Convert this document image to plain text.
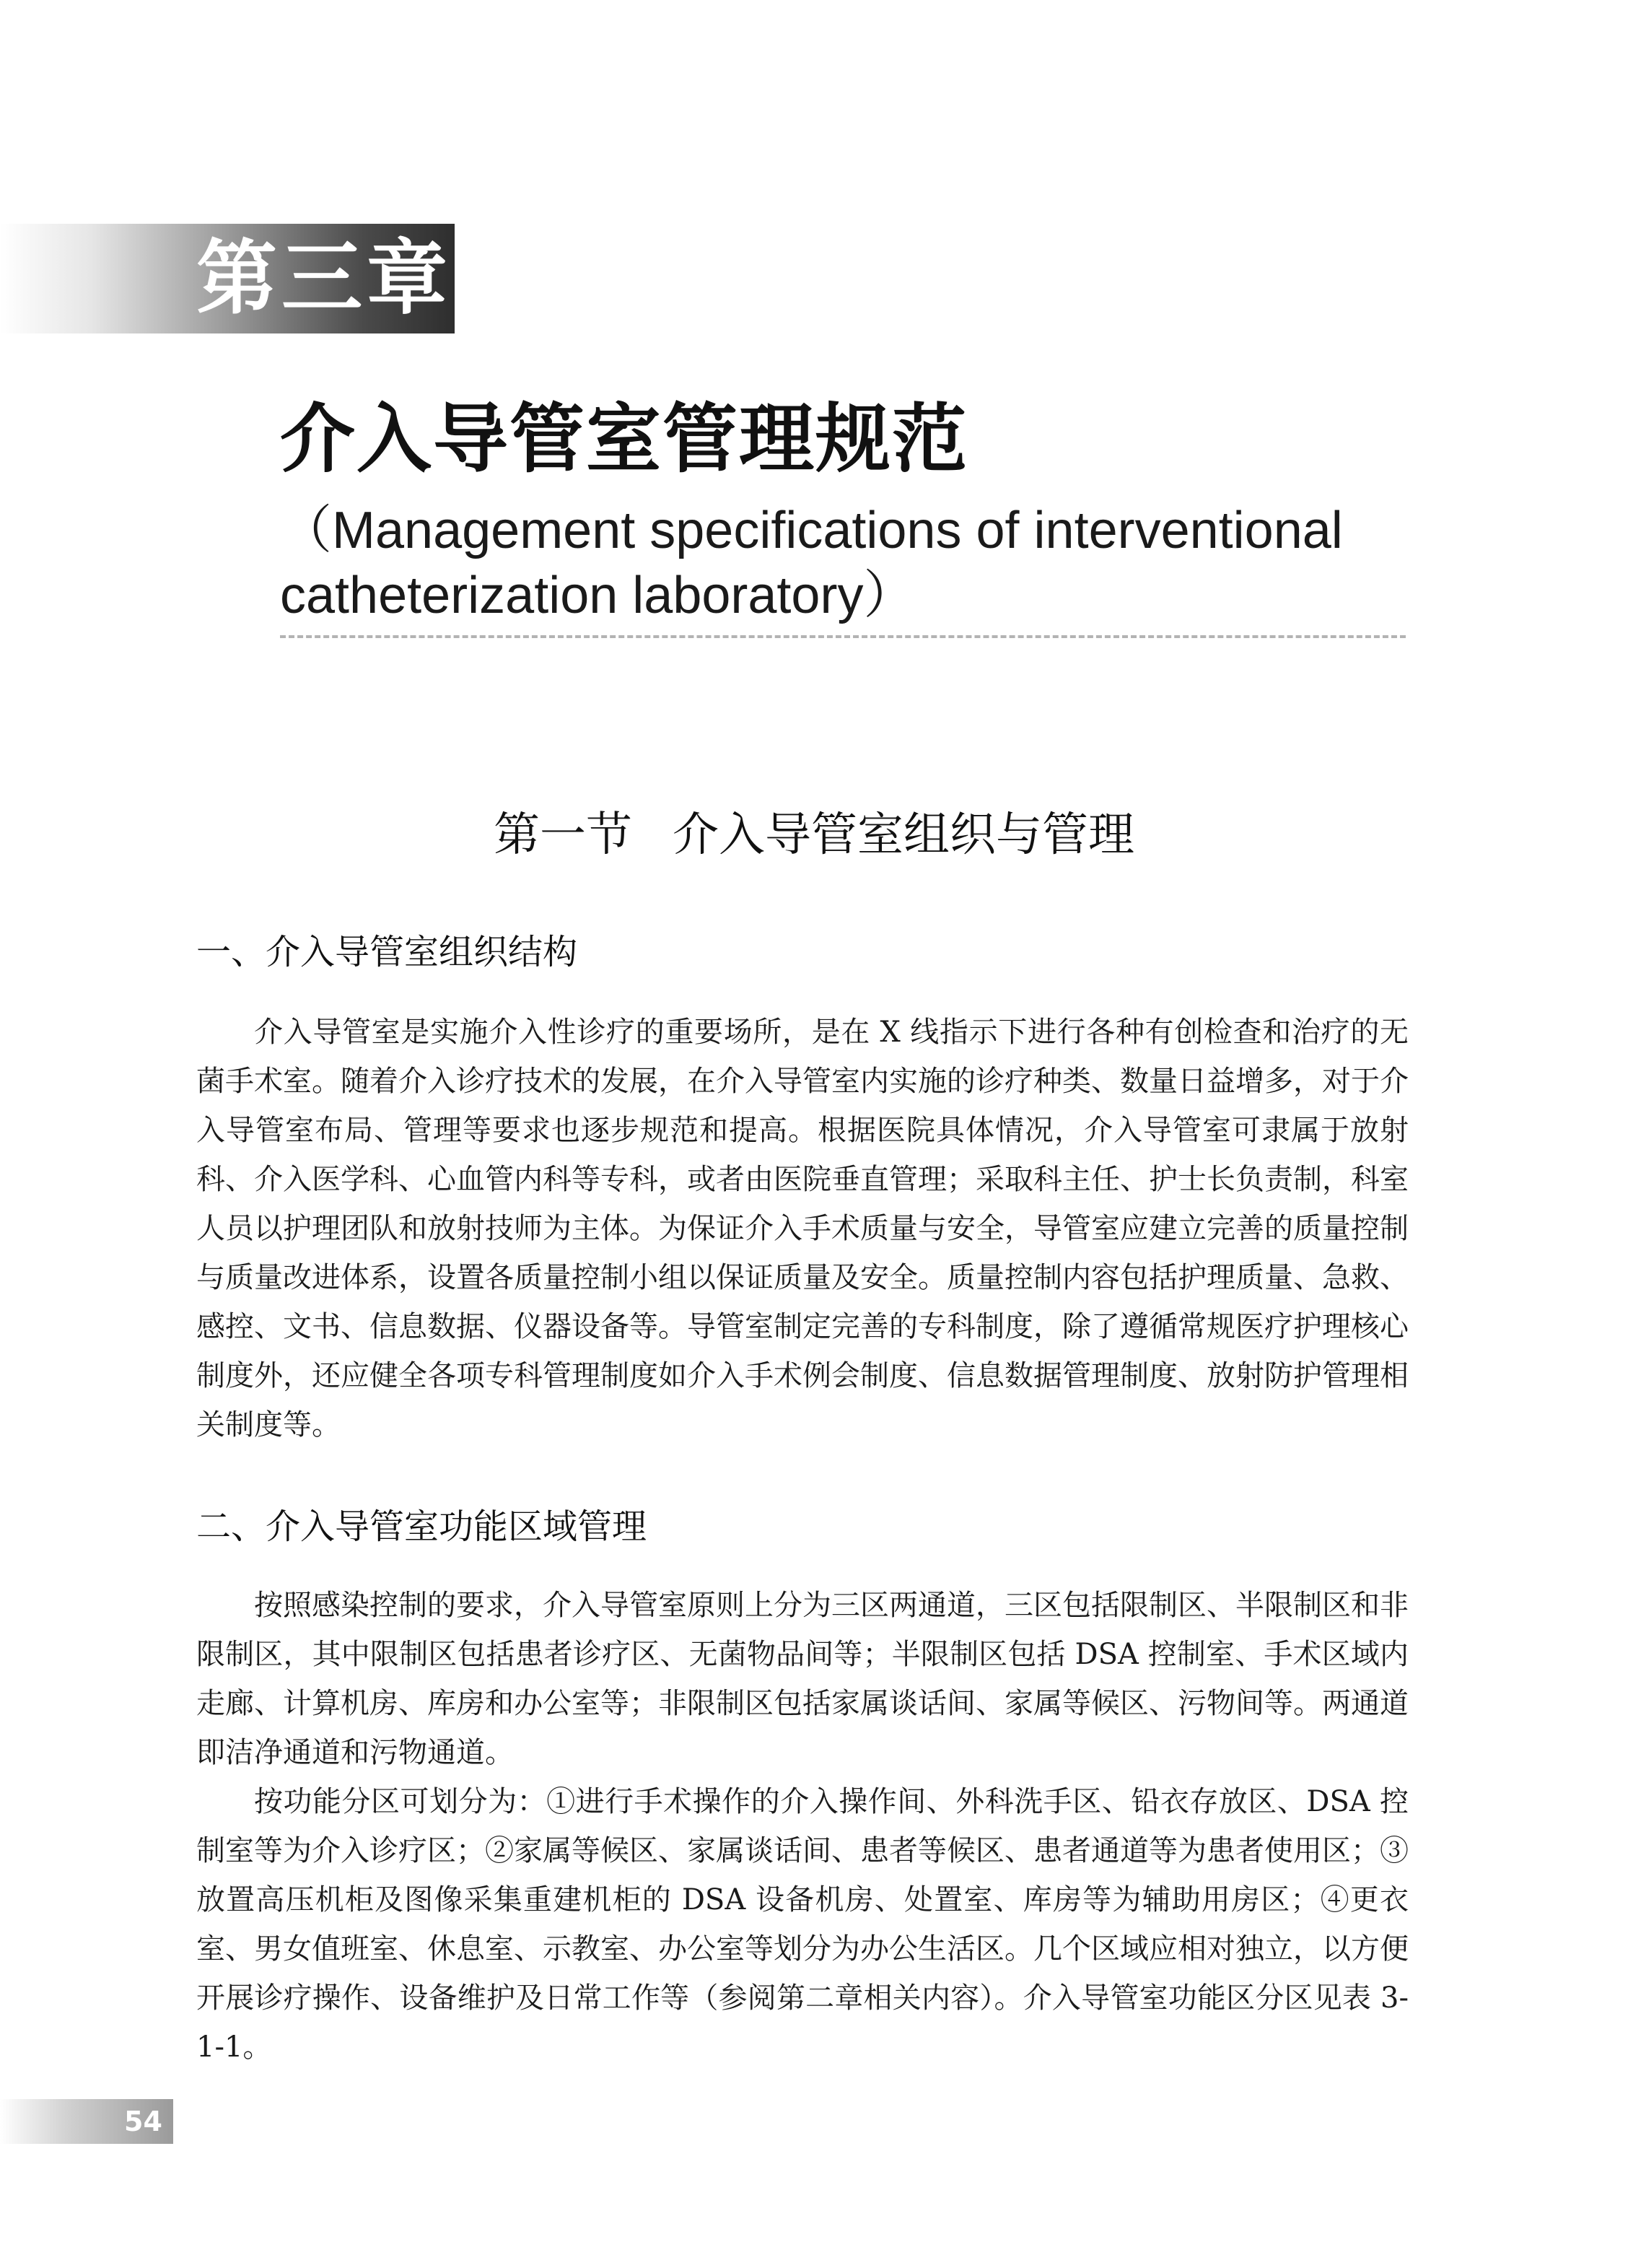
第三章
介入导管室管理规范
（Management specifications of interventional catheterization laboratory）
第一节 介入导管室组织与管理
一、介入导管室组织结构

介入导管室是实施介入性诊疗的重要场所，是在 X 线指示下进行各种有创检查和治疗的无菌手术室。随着介入诊疗技术的发展，在介入导管室内实施的诊疗种类、数量日益增多，对于介入导管室布局、管理等要求也逐步规范和提高。根据医院具体情况，介入导管室可隶属于放射科、介入医学科、心血管内科等专科，或者由医院垂直管理；采取科主任、护士长负责制，科室人员以护理团队和放射技师为主体。为保证介入手术质量与安全，导管室应建立完善的质量控制与质量改进体系，设置各质量控制小组以保证质量及安全。质量控制内容包括护理质量、急救、感控、文书、信息数据、仪器设备等。导管室制定完善的专科制度，除了遵循常规医疗护理核心制度外，还应健全各项专科管理制度如介入手术例会制度、信息数据管理制度、放射防护管理相关制度等。

二、介入导管室功能区域管理

按照感染控制的要求，介入导管室原则上分为三区两通道，三区包括限制区、半限制区和非限制区，其中限制区包括患者诊疗区、无菌物品间等；半限制区包括 DSA 控制室、手术区域内走廊、计算机房、库房和办公室等；非限制区包括家属谈话间、家属等候区、污物间等。两通道即洁净通道和污物通道。

按功能分区可划分为：①进行手术操作的介入操作间、外科洗手区、铅衣存放区、DSA 控制室等为介入诊疗区；②家属等候区、家属谈话间、患者等候区、患者通道等为患者使用区；③放置高压机柜及图像采集重建机柜的 DSA 设备机房、处置室、库房等为辅助用房区；④更衣室、男女值班室、休息室、示教室、办公室等划分为办公生活区。几个区域应相对独立，以方便开展诊疗操作、设备维护及日常工作等（参阅第二章相关内容）。介入导管室功能区分区见表 3-1-1。

54
